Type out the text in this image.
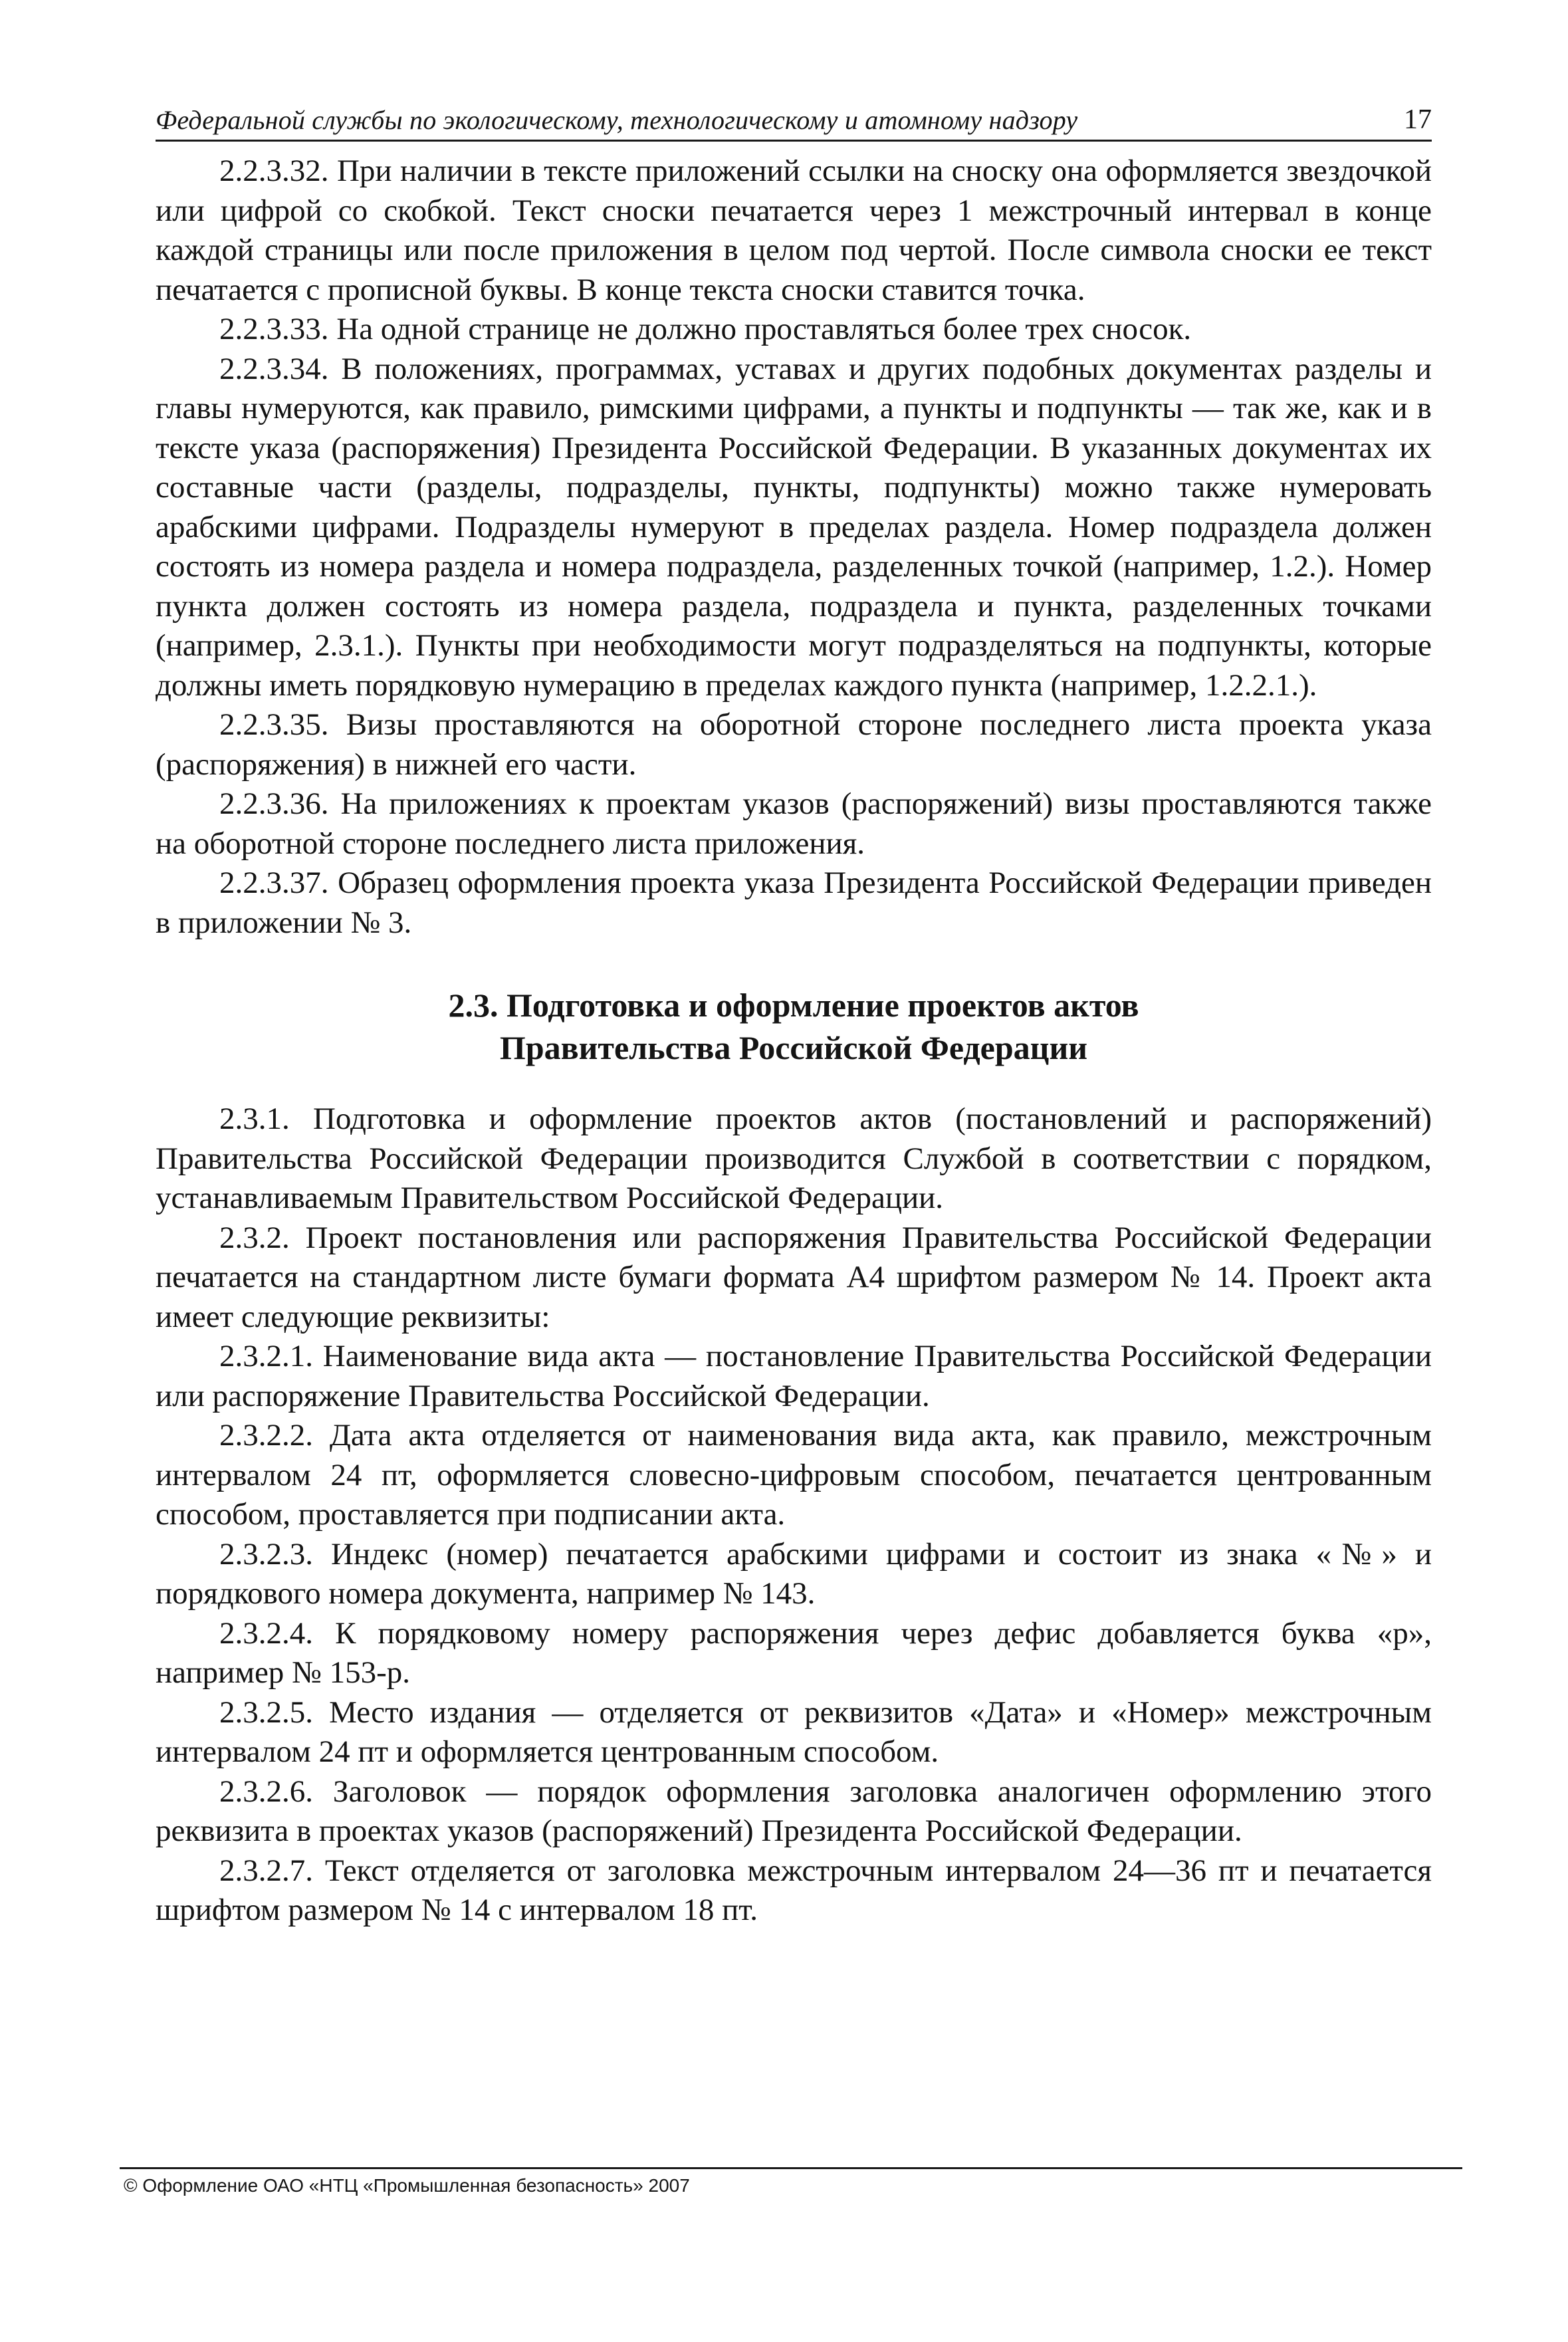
Федеральной службы по экологическому, технологическому и атомному надзору	17

2.2.3.32. При наличии в тексте приложений ссылки на сноску она оформляется звездочкой или цифрой со скобкой. Текст сноски печатается через 1 межстрочный интервал в конце каждой страницы или после приложения в целом под чертой. После символа сноски ее текст печатается с прописной буквы. В конце текста сноски ставится точка.

2.2.3.33. На одной странице не должно проставляться более трех сносок.

2.2.3.34. В положениях, программах, уставах и других подобных документах разделы и главы нумеруются, как правило, римскими цифрами, а пункты и подпункты — так же, как и в тексте указа (распоряжения) Президента Российской Федерации. В указанных документах их составные части (разделы, подразделы, пункты, подпункты) можно также нумеровать арабскими цифрами. Подразделы нумеруют в пределах раздела. Номер подраздела должен состоять из номера раздела и номера подраздела, разделенных точкой (например, 1.2.). Номер пункта должен состоять из номера раздела, подраздела и пункта, разделенных точками (например, 2.3.1.). Пункты при необходимости могут подразделяться на подпункты, которые должны иметь порядковую нумерацию в пределах каждого пункта (например, 1.2.2.1.).

2.2.3.35. Визы проставляются на оборотной стороне последнего листа проекта указа (распоряжения) в нижней его части.

2.2.3.36. На приложениях к проектам указов (распоряжений) визы проставляются также на оборотной стороне последнего листа приложения.

2.2.3.37. Образец оформления проекта указа Президента Российской Федерации приведен в приложении № 3.

2.3. Подготовка и оформление проектов актов
Правительства Российской Федерации

2.3.1. Подготовка и оформление проектов актов (постановлений и распоряжений) Правительства Российской Федерации производится Службой в соответствии с порядком, устанавливаемым Правительством Российской Федерации.

2.3.2. Проект постановления или распоряжения Правительства Российской Федерации печатается на стандартном листе бумаги формата А4 шрифтом размером № 14. Проект акта имеет следующие реквизиты:

2.3.2.1. Наименование вида акта — постановление Правительства Российской Федерации или распоряжение Правительства Российской Федерации.

2.3.2.2. Дата акта отделяется от наименования вида акта, как правило, межстрочным интервалом 24 пт, оформляется словесно-цифровым способом, печатается центрованным способом, проставляется при подписании акта.

2.3.2.3. Индекс (номер) печатается арабскими цифрами и состоит из знака «№» и порядкового номера документа, например № 143.

2.3.2.4. К порядковому номеру распоряжения через дефис добавляется буква «р», например № 153-р.

2.3.2.5. Место издания — отделяется от реквизитов «Дата» и «Номер» межстрочным интервалом 24 пт и оформляется центрованным способом.

2.3.2.6. Заголовок — порядок оформления заголовка аналогичен оформлению этого реквизита в проектах указов (распоряжений) Президента Российской Федерации.

2.3.2.7. Текст отделяется от заголовка межстрочным интервалом 24—36 пт и печатается шрифтом размером № 14 с интервалом 18 пт.

© Оформление ОАО «НТЦ «Промышленная безопасность» 2007
